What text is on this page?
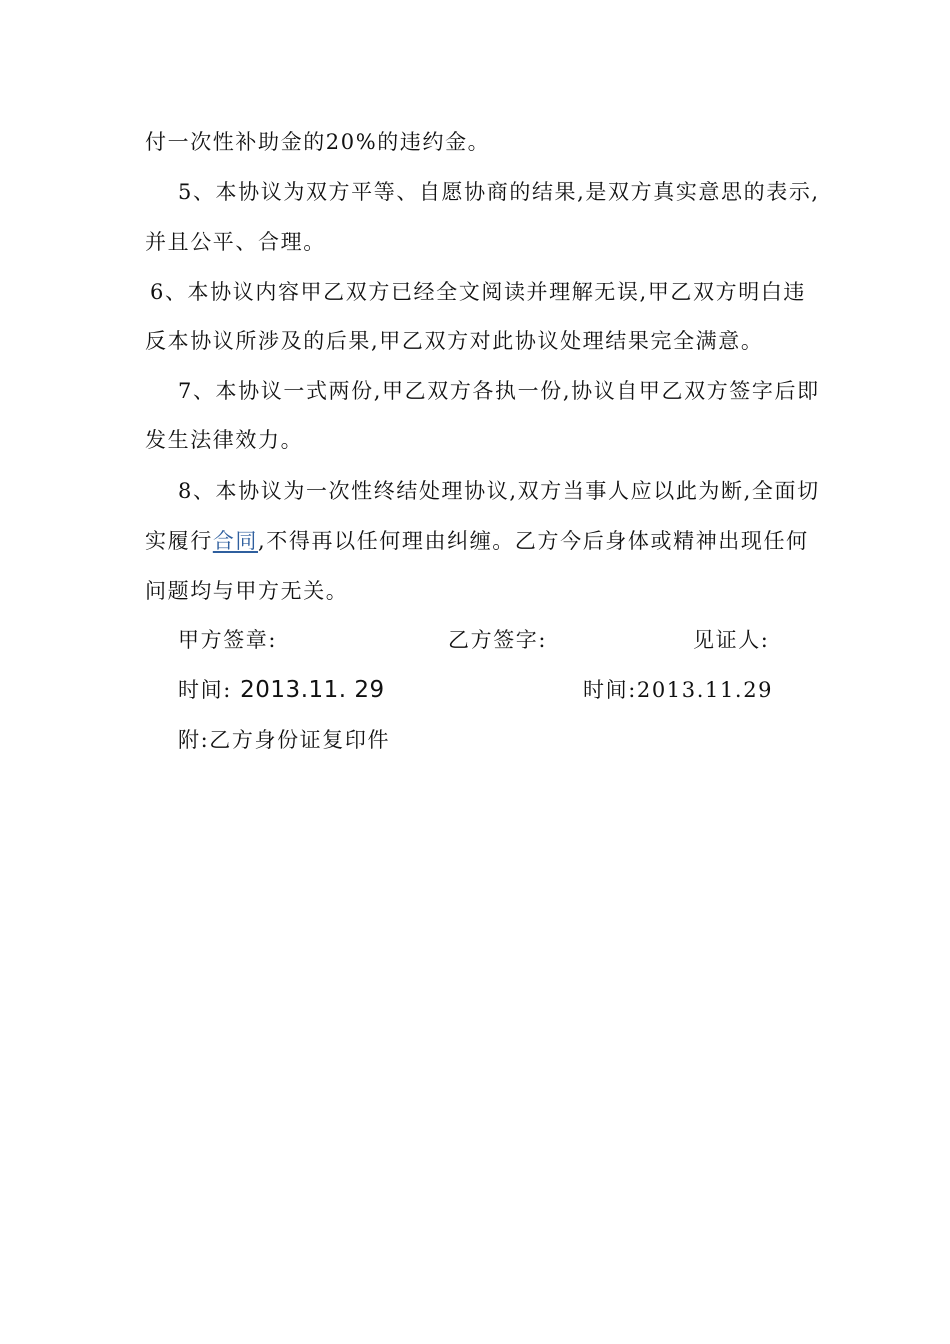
付一次性补助金的20%的违约金。
5、本协议为双方平等、自愿协商的结果,是双方真实意思的表示,
并且公平、合理。
6、本协议内容甲乙双方已经全文阅读并理解无误,甲乙双方明白违
反本协议所涉及的后果,甲乙双方对此协议处理结果完全满意。
7、本协议一式两份,甲乙双方各执一份,协议自甲乙双方签字后即
发生法律效力。
8、本协议为一次性终结处理协议,双方当事人应以此为断,全面切
实履行合同,不得再以任何理由纠缠。乙方今后身体或精神出现任何
问题均与甲方无关。
甲方签章:	乙方签字:	见证人:
时间: 2013.11. 29	时间:2013.11.29
附:乙方身份证复印件
